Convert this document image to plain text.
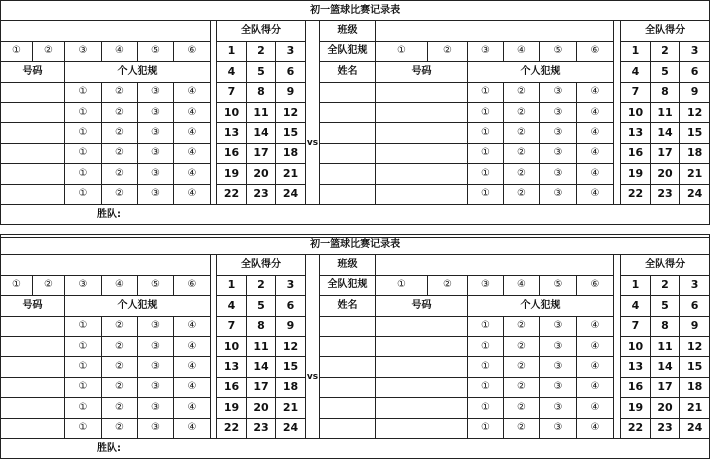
初一篮球比赛记录表																					
							全队得分				班级								全队得分		
①	②	③	④	⑤	⑥		1	2	3		全队犯规	①	②	③	④	⑤	⑥		1	2	3
号码		个人犯规					4	5	6		姓名	号码		个人犯规					4	5	6
		①	②	③	④		7	8	9	vs				①	②	③	④		7	8	9
		①	②	③	④		10	11	12					①	②	③	④		10	11	12
		①	②	③	④		13	14	15					①	②	③	④		13	14	15
		①	②	③	④		16	17	18					①	②	③	④		16	17	18
		①	②	③	④		19	20	21					①	②	③	④		19	20	21
		①	②	③	④		22	23	24					①	②	③	④		22	23	24
胜队:																					

初一篮球比赛记录表																					
							全队得分				班级								全队得分		
①	②	③	④	⑤	⑥		1	2	3		全队犯规	①	②	③	④	⑤	⑥		1	2	3
号码		个人犯规					4	5	6		姓名	号码		个人犯规					4	5	6
		①	②	③	④		7	8	9	vs				①	②	③	④		7	8	9
		①	②	③	④		10	11	12					①	②	③	④		10	11	12
		①	②	③	④		13	14	15					①	②	③	④		13	14	15
		①	②	③	④		16	17	18					①	②	③	④		16	17	18
		①	②	③	④		19	20	21					①	②	③	④		19	20	21
		①	②	③	④		22	23	24					①	②	③	④		22	23	24
胜队:																					
